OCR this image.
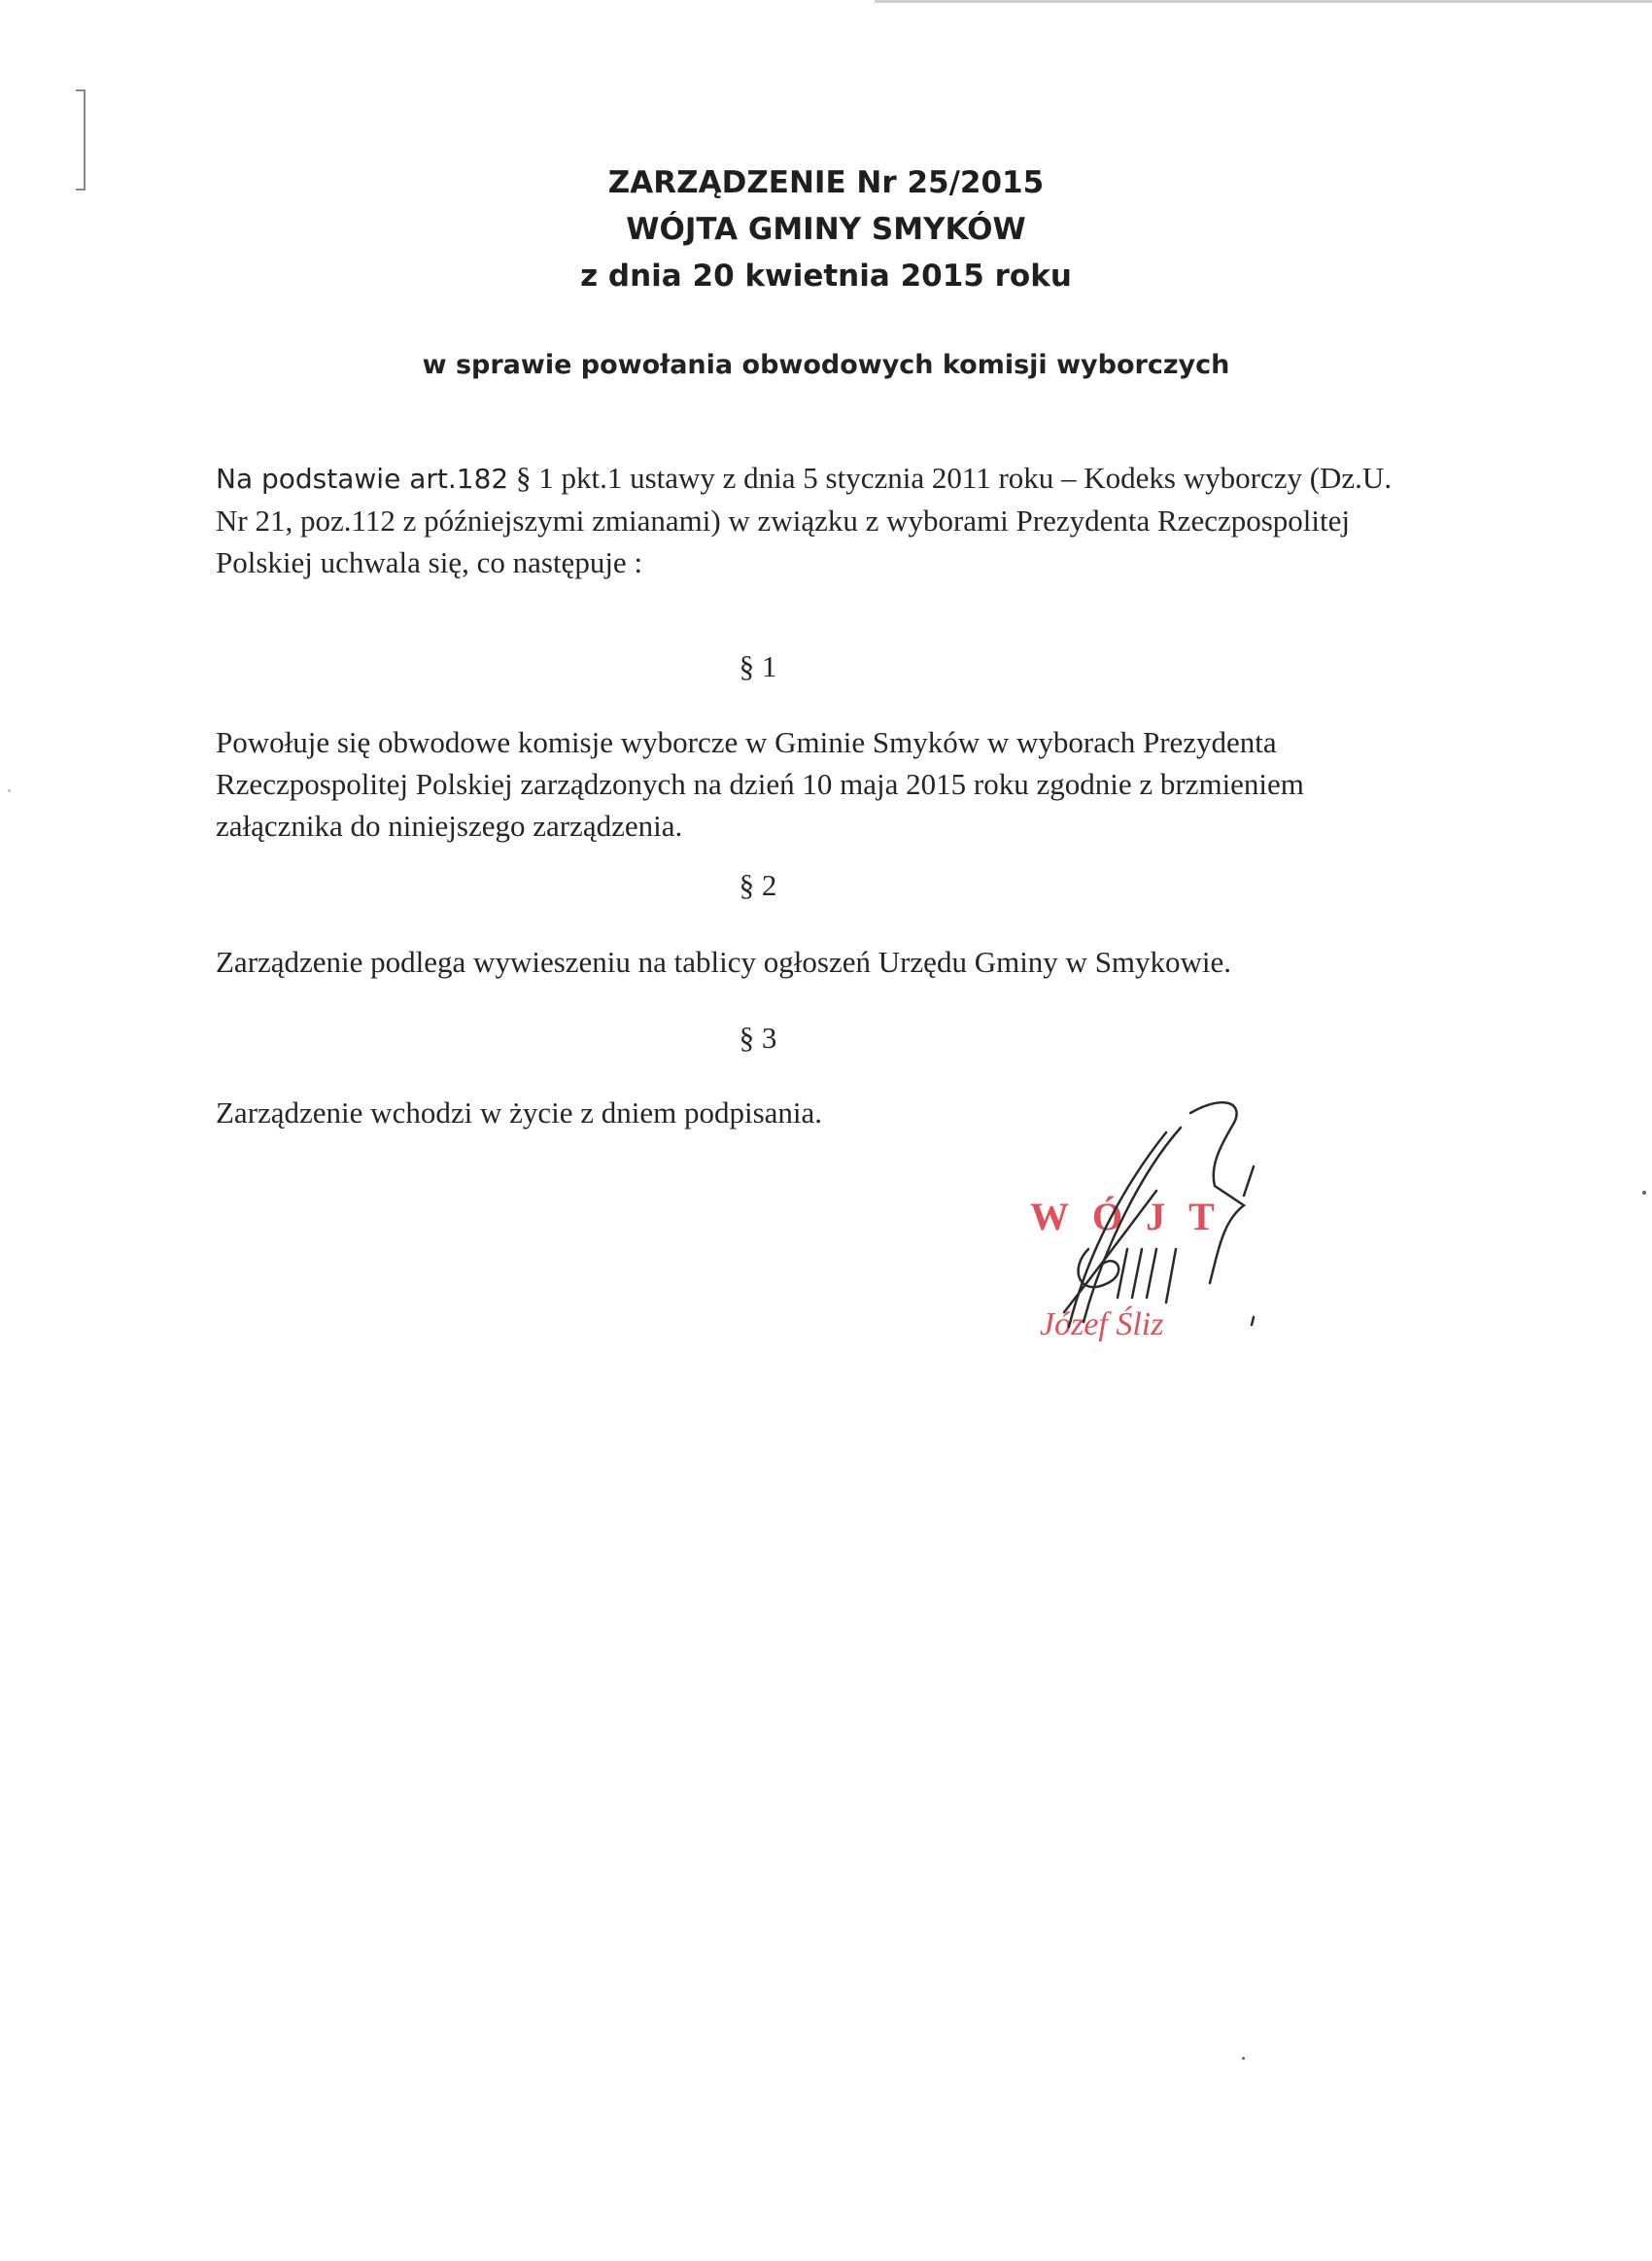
ZARZĄDZENIE Nr 25/2015
WÓJTA GMINY SMYKÓW
z dnia 20 kwietnia 2015 roku
w sprawie powołania obwodowych komisji wyborczych
Na podstawie art.182 § 1 pkt.1 ustawy z dnia 5 stycznia 2011 roku – Kodeks wyborczy (Dz.U. Nr 21, poz.112 z późniejszymi zmianami) w związku z wyborami Prezydenta Rzeczpospolitej Polskiej uchwala się, co następuje :
§ 1
Powołuje się obwodowe komisje wyborcze w Gminie Smyków w wyborach Prezydenta Rzeczpospolitej Polskiej zarządzonych na dzień 10 maja 2015 roku zgodnie z brzmieniem załącznika do niniejszego zarządzenia.
§ 2
Zarządzenie podlega wywieszeniu na tablicy ogłoszeń Urzędu Gminy w Smykowie.
§ 3
Zarządzenie wchodzi w życie z dniem podpisania.
WÓJT
Józef Śliz
